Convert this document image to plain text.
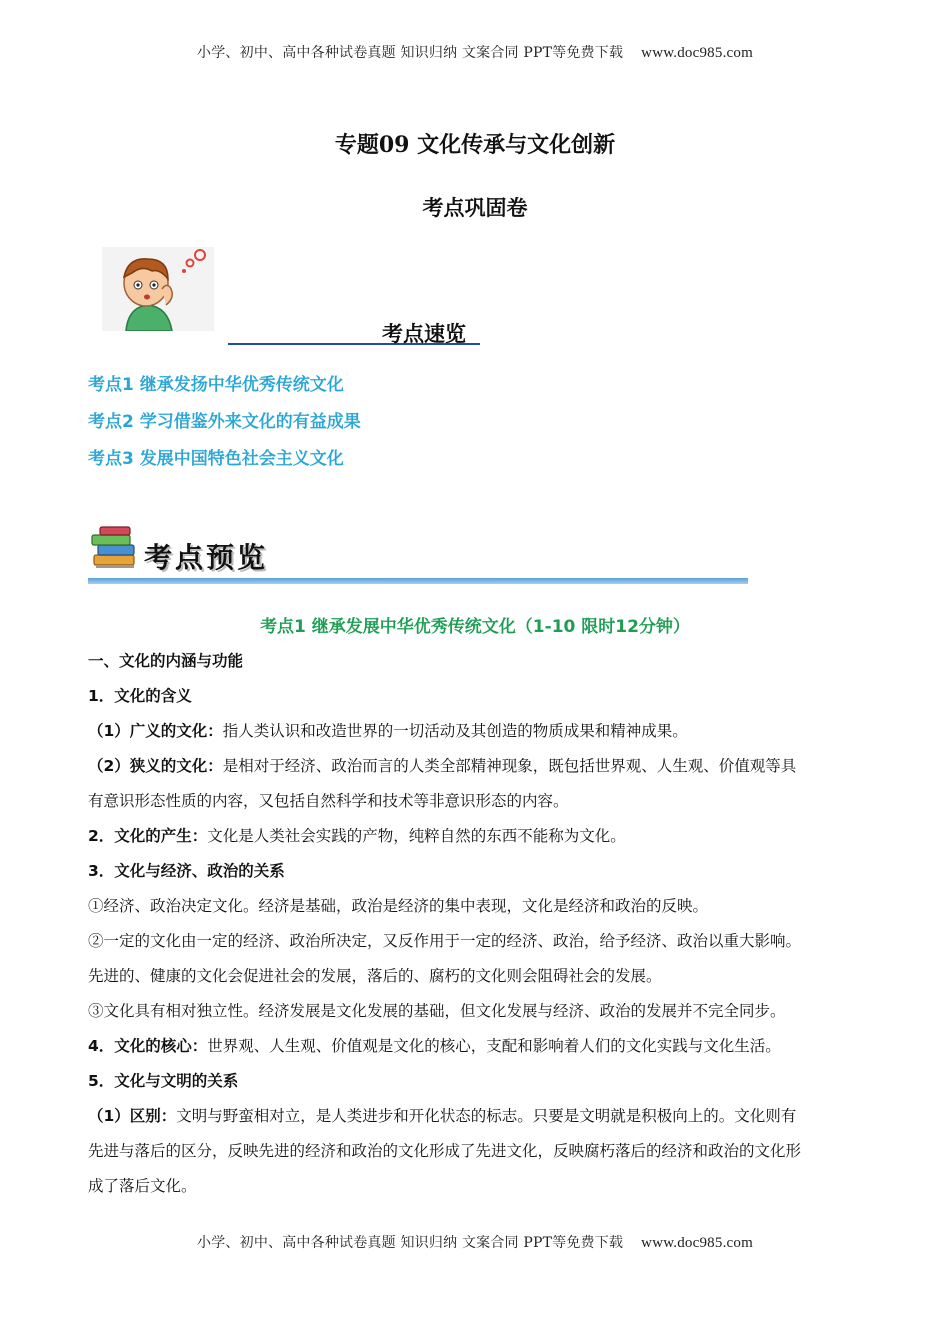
小学、初中、高中各种试卷真题 知识归纳 文案合同 PPT等免费下载 www.doc985.com
专题09 文化传承与文化创新
考点巩固卷
考点速览
考点1 继承发扬中华优秀传统文化
考点2 学习借鉴外来文化的有益成果
考点3 发展中国特色社会主义文化
考点预览
考点1 继承发展中华优秀传统文化（1-10 限时12分钟）
一、文化的内涵与功能
1．文化的含义
（1）广义的文化：指人类认识和改造世界的一切活动及其创造的物质成果和精神成果。
（2）狭义的文化：是相对于经济、政治而言的人类全部精神现象，既包括世界观、人生观、价值观等具
有意识形态性质的内容，又包括自然科学和技术等非意识形态的内容。
2．文化的产生：文化是人类社会实践的产物，纯粹自然的东西不能称为文化。
3．文化与经济、政治的关系
①经济、政治决定文化。经济是基础，政治是经济的集中表现，文化是经济和政治的反映。
②一定的文化由一定的经济、政治所决定，又反作用于一定的经济、政治，给予经济、政治以重大影响。
先进的、健康的文化会促进社会的发展，落后的、腐朽的文化则会阻碍社会的发展。
③文化具有相对独立性。经济发展是文化发展的基础，但文化发展与经济、政治的发展并不完全同步。
4．文化的核心：世界观、人生观、价值观是文化的核心，支配和影响着人们的文化实践与文化生活。
5．文化与文明的关系
（1）区别：文明与野蛮相对立，是人类进步和开化状态的标志。只要是文明就是积极向上的。文化则有
先进与落后的区分，反映先进的经济和政治的文化形成了先进文化，反映腐朽落后的经济和政治的文化形
成了落后文化。
小学、初中、高中各种试卷真题 知识归纳 文案合同 PPT等免费下载 www.doc985.com
